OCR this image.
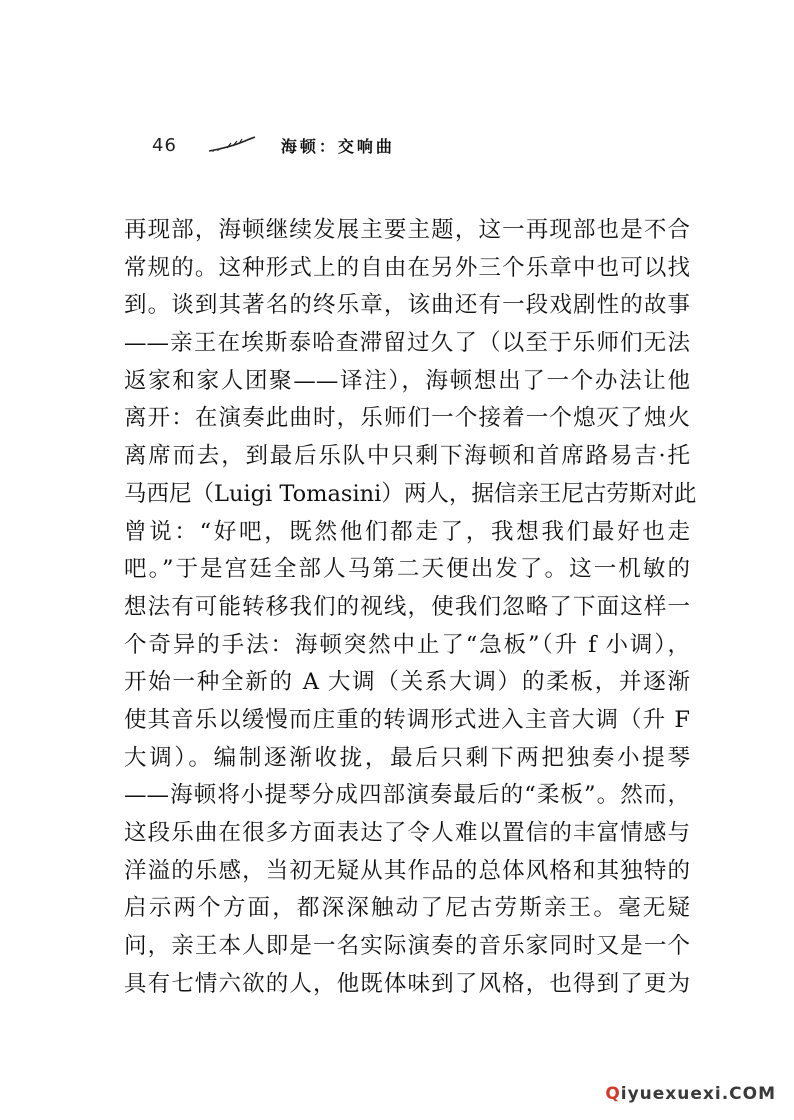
46	海顿：交响曲
再现部，海顿继续发展主要主题，这一再现部也是不合
常规的。这种形式上的自由在另外三个乐章中也可以找
到。谈到其著名的终乐章，该曲还有一段戏剧性的故事
——亲王在埃斯泰哈查滞留过久了（以至于乐师们无法
返家和家人团聚——译注），海顿想出了一个办法让他
离开：在演奏此曲时，乐师们一个接着一个熄灭了烛火
离席而去，到最后乐队中只剩下海顿和首席路易吉·托
马西尼（Luigi Tomasini）两人，据信亲王尼古劳斯对此
曾说：“好吧，既然他们都走了，我想我们最好也走
吧。”于是宫廷全部人马第二天便出发了。这一机敏的
想法有可能转移我们的视线，使我们忽略了下面这样一
个奇异的手法：海顿突然中止了“急板”（升 f 小调），
开始一种全新的 A 大调（关系大调）的柔板，并逐渐
使其音乐以缓慢而庄重的转调形式进入主音大调（升 F
大调）。编制逐渐收拢，最后只剩下两把独奏小提琴
——海顿将小提琴分成四部演奏最后的“柔板”。然而，
这段乐曲在很多方面表达了令人难以置信的丰富情感与
洋溢的乐感，当初无疑从其作品的总体风格和其独特的
启示两个方面，都深深触动了尼古劳斯亲王。毫无疑
问，亲王本人即是一名实际演奏的音乐家同时又是一个
具有七情六欲的人，他既体味到了风格，也得到了更为
Q iyuexuexi.COM
